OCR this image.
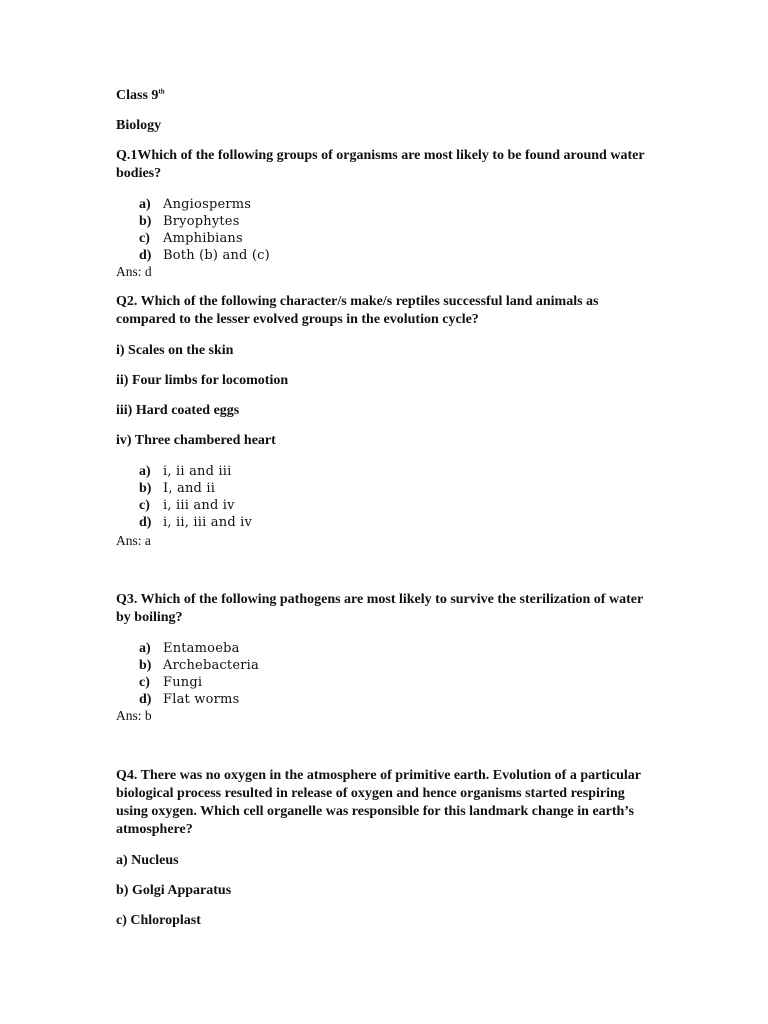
Class 9th
Biology
Q.1Which of the following groups of organisms are most likely to be found around water
bodies?
a) Angiosperms
b) Bryophytes
c) Amphibians
d) Both (b) and (c)
Ans: d
Q2. Which of the following character/s make/s reptiles successful land animals as
compared to the lesser evolved groups in the evolution cycle?
i) Scales on the skin
ii) Four limbs for locomotion
iii) Hard coated eggs
iv) Three chambered heart
a) i, ii and iii
b) I, and ii
c) i, iii and iv
d) i, ii, iii and iv
Ans: a
Q3. Which of the following pathogens are most likely to survive the sterilization of water
by boiling?
a) Entamoeba
b) Archebacteria
c) Fungi
d) Flat worms
Ans: b
Q4. There was no oxygen in the atmosphere of primitive earth. Evolution of a particular
biological process resulted in release of oxygen and hence organisms started respiring
using oxygen. Which cell organelle was responsible for this landmark change in earth’s
atmosphere?
a) Nucleus
b) Golgi Apparatus
c) Chloroplast
